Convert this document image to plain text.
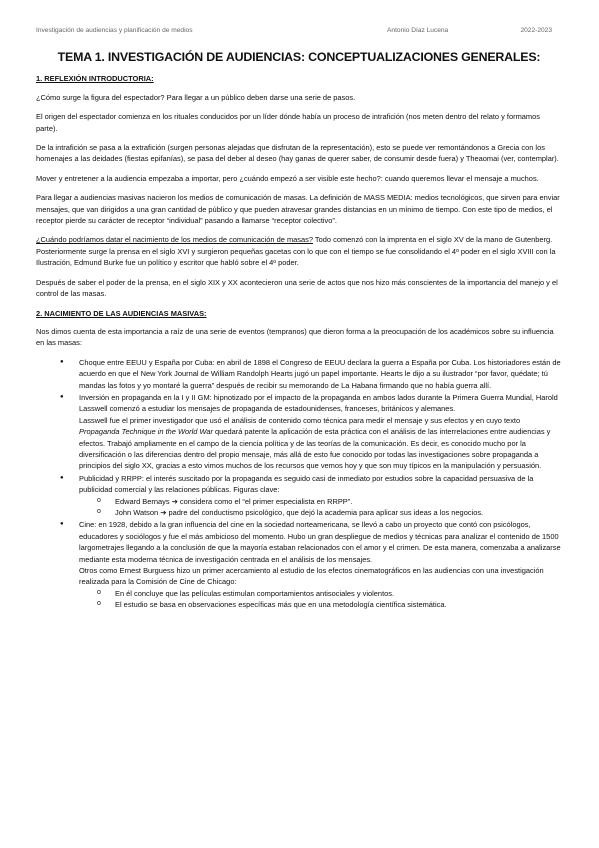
Investigación de audiencias y planificación de medios	Antonio Díaz Lucena	2022-2023
TEMA 1. INVESTIGACIÓN DE AUDIENCIAS: CONCEPTUALIZACIONES GENERALES:
1. REFLEXIÓN INTRODUCTORIA:

¿Cómo surge la figura del espectador? Para llegar a un público deben darse una serie de pasos.

El origen del espectador comienza en los rituales conducidos por un líder dónde había un proceso de intrafición (nos meten dentro del relato y formamos parte).

De la intrafición se pasa a la extrafición (surgen personas alejadas que disfrutan de la representación), esto se puede ver remontándonos a Grecia con los homenajes a las deidades (fiestas epifanías), se pasa del deber al deseo (hay ganas de querer saber, de consumir desde fuera) y Theaomai (ver, contemplar).

Mover y entretener a la audiencia empezaba a importar, pero ¿cuándo empezó a ser visible este hecho?: cuando queremos llevar el mensaje a muchos.

Para llegar a audiencias masivas nacieron los medios de comunicación de masas. La definición de MASS MEDIA: medios tecnológicos, que sirven para enviar mensajes, que van dirigidos a una gran cantidad de público y que pueden atravesar grandes distancias en un mínimo de tiempo. Con este tipo de medios, el receptor pierde su carácter de receptor “individual” pasando a llamarse “receptor colectivo”.

¿Cuándo podríamos datar el nacimiento de los medios de comunicación de masas? Todo comenzó con la imprenta en el siglo XV de la mano de Gutenberg. Posteriormente surge la prensa en el siglo XVI y surgieron pequeñas gacetas con lo que con el tiempo se fue consolidando el 4º poder en el siglo XVIII con la Ilustración, Edmund Burke fue un político y escritor que habló sobre el 4º poder.

Después de saber el poder de la prensa, en el siglo XIX y XX acontecieron una serie de actos que nos hizo más conscientes de la importancia del manejo y el control de las masas.

2. NACIMIENTO DE LAS AUDIENCIAS MASIVAS:

Nos dimos cuenta de esta importancia a raíz de una serie de eventos (tempranos) que dieron forma a la preocupación de los académicos sobre su influencia en las masas:

● Choque entre EEUU y España por Cuba: en abril de 1898 el Congreso de EEUU declara la guerra a España por Cuba. Los historiadores están de acuerdo en que el New York Journal de William Randolph Hearts jugó un papel importante. Hearts le dijo a su ilustrador “por favor, quédate; tú mandas las fotos y yo montaré la guerra” después de recibir su memorando de La Habana firmando que no había guerra allí.
● Inversión en propaganda en la I y II GM: hipnotizado por el impacto de la propaganda en ambos lados durante la Primera Guerra Mundial, Harold Lasswell comenzó a estudiar los mensajes de propaganda de estadounidenses, franceses, británicos y alemanes.
Lasswell fue el primer investigador que usó el análisis de contenido como técnica para medir el mensaje y sus efectos y en cuyo texto Propaganda Technique in the World War quedará patente la aplicación de esta práctica con el análisis de las interrelaciones entre audiencias y efectos. Trabajó ampliamente en el campo de la ciencia política y de las teorías de la comunicación. Es decir, es conocido mucho por la diversificación o las diferencias dentro del propio mensaje, más allá de esto fue conocido por todas las investigaciones sobre propaganda a principios del siglo XX, gracias a esto vimos muchos de los recursos que vemos hoy y que son muy típicos en la manipulación y persuasión.
● Publicidad y RRPP: el interés suscitado por la propaganda es seguido casi de inmediato por estudios sobre la capacidad persuasiva de la publicidad comercial y las relaciones públicas. Figuras clave:
o Edward Bernays ➔ considera como el “el primer especialista en RRPP”.
o John Watson ➔ padre del conductismo psicológico, que dejó la academia para aplicar sus ideas a los negocios.
● Cine: en 1928, debido a la gran influencia del cine en la sociedad norteamericana, se llevó a cabo un proyecto que contó con psicólogos, educadores y sociólogos y fue el más ambicioso del momento. Hubo un gran despliegue de medios y técnicas para analizar el contenido de 1500 largometrajes llegando a la conclusión de que la mayoría estaban relacionados con el amor y el crimen. De esta manera, comenzaba a analizarse mediante esta moderna técnica de investigación centrada en el análisis de los mensajes.
Otros como Ernest Burguess hizo un primer acercamiento al estudio de los efectos cinematográficos en las audiencias con una investigación realizada para la Comisión de Cine de Chicago:
o En él concluye que las películas estimulan comportamientos antisociales y violentos.
o El estudio se basa en observaciones específicas más que en una metodología científica sistemática.
